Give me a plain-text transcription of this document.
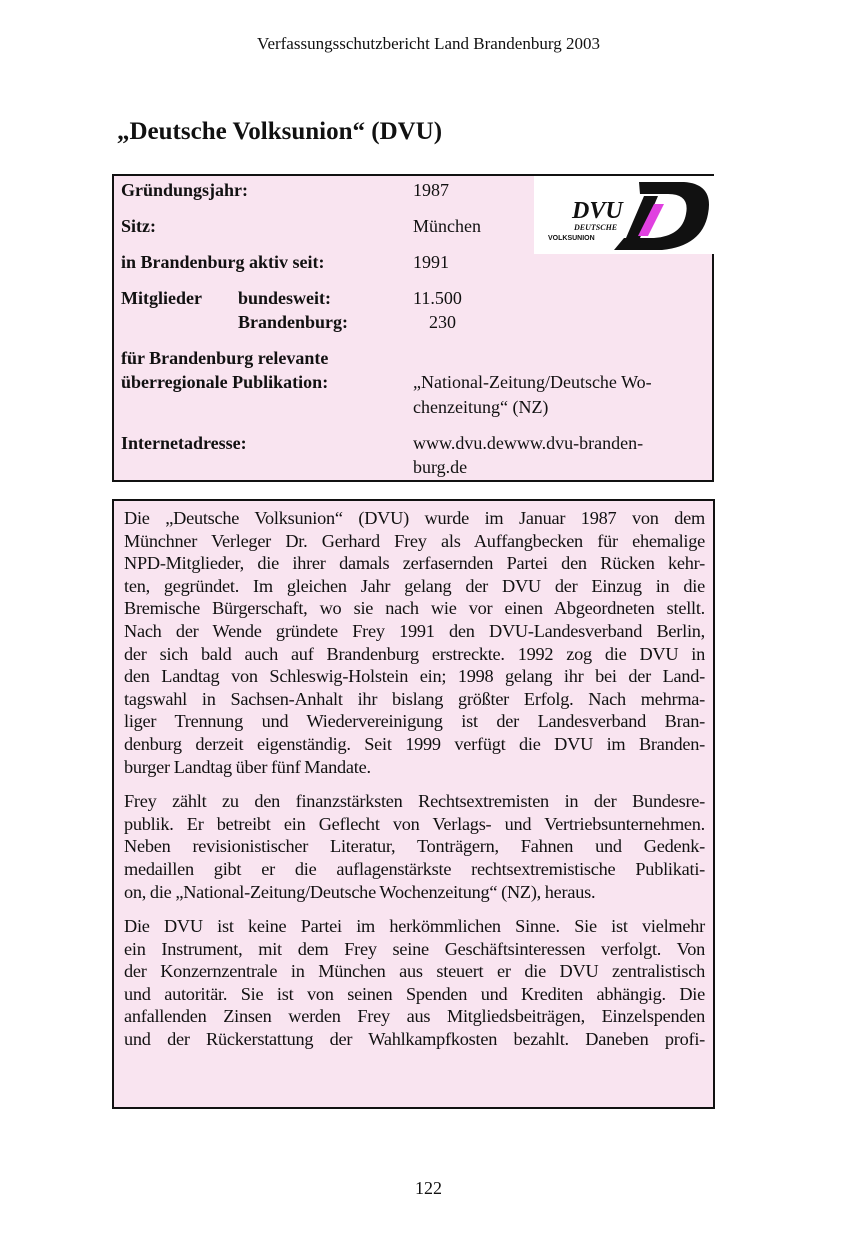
Verfassungsschutzbericht Land Brandenburg 2003
„Deutsche Volksunion“ (DVU)
DVU
DEUTSCHE
VOLKSUNION
Gründungsjahr:	1987
Sitz:	München
in Brandenburg aktiv seit:	1991
Mitglieder bundesweit:	11.500
Brandenburg:	230
für Brandenburg relevante
überregionale Publikation:	„National-Zeitung/Deutsche Wo-
chenzeitung“ (NZ)
Internetadresse:	www.dvu.dewww.dvu-branden-
burg.de
Die „Deutsche Volksunion“ (DVU) wurde im Januar 1987 von dem
Münchner Verleger Dr. Gerhard Frey als Auffangbecken für ehemalige
NPD-Mitglieder, die ihrer damals zerfasernden Partei den Rücken kehr-
ten, gegründet. Im gleichen Jahr gelang der DVU der Einzug in die
Bremische Bürgerschaft, wo sie nach wie vor einen Abgeordneten stellt.
Nach der Wende gründete Frey 1991 den DVU-Landesverband Berlin,
der sich bald auch auf Brandenburg erstreckte. 1992 zog die DVU in
den Landtag von Schleswig-Holstein ein; 1998 gelang ihr bei der Land-
tagswahl in Sachsen-Anhalt ihr bislang größter Erfolg. Nach mehrma-
liger Trennung und Wiedervereinigung ist der Landesverband Bran-
denburg derzeit eigenständig. Seit 1999 verfügt die DVU im Branden-
burger Landtag über fünf Mandate.
Frey zählt zu den finanzstärksten Rechtsextremisten in der Bundesre-
publik. Er betreibt ein Geflecht von Verlags- und Vertriebsunternehmen.
Neben revisionistischer Literatur, Tonträgern, Fahnen und Gedenk-
medaillen gibt er die auflagenstärkste rechtsextremistische Publikati-
on, die „National-Zeitung/Deutsche Wochenzeitung“ (NZ), heraus.
Die DVU ist keine Partei im herkömmlichen Sinne. Sie ist vielmehr
ein Instrument, mit dem Frey seine Geschäftsinteressen verfolgt. Von
der Konzernzentrale in München aus steuert er die DVU zentralistisch
und autoritär. Sie ist von seinen Spenden und Krediten abhängig. Die
anfallenden Zinsen werden Frey aus Mitgliedsbeiträgen, Einzelspenden
und der Rückerstattung der Wahlkampfkosten bezahlt. Daneben profi-
122
